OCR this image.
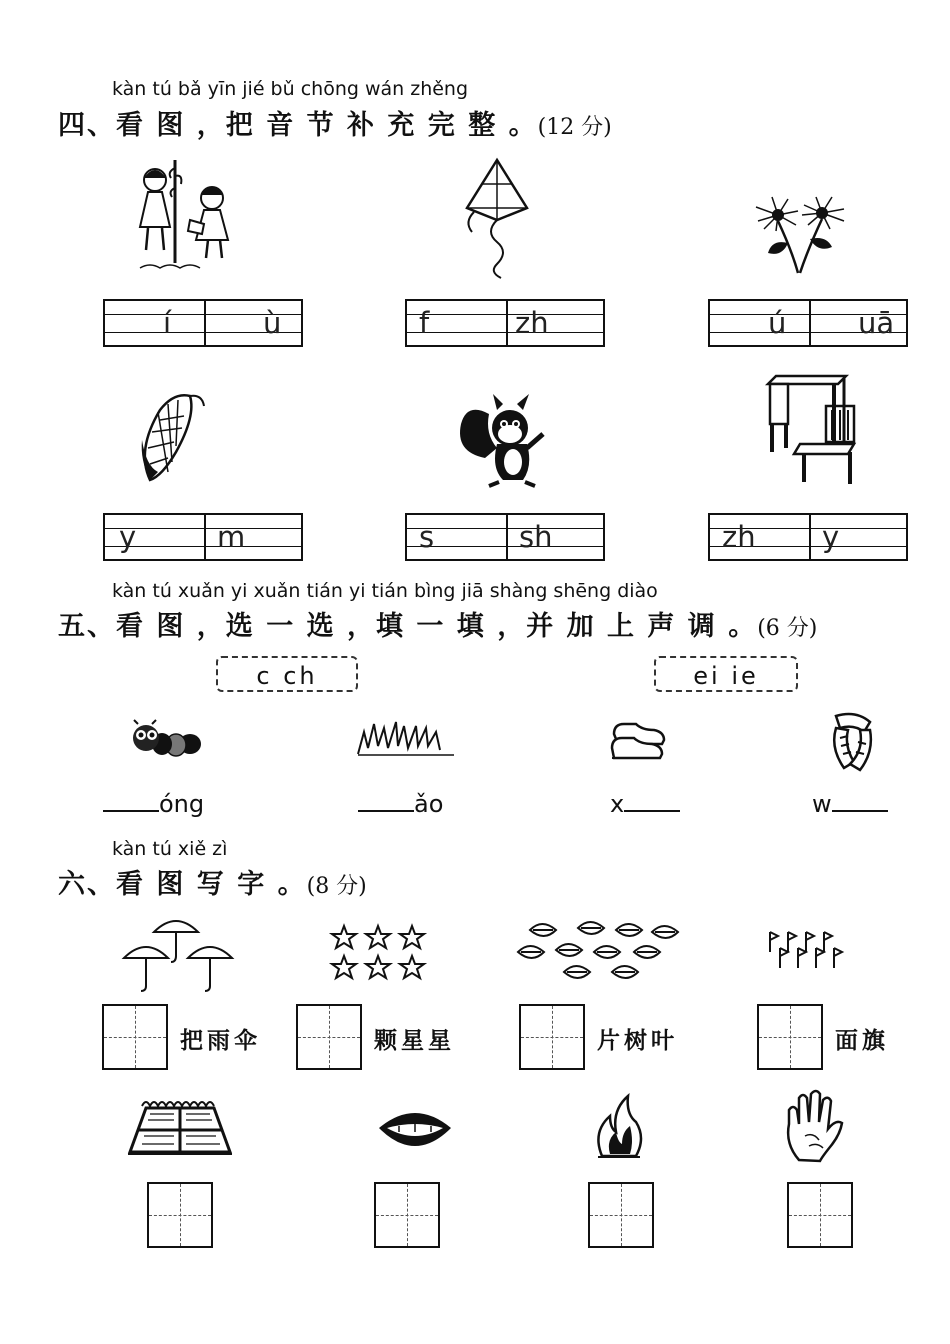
kàn tú bǎ yīn jié bǔ chōng wán zhěng
四、看 图 ，把 音 节 补 充 完 整 。(12 分)
í	ù	f	zh	ú	uā
y	m	s	sh	zh	y
kàn tú xuǎn yi xuǎn tián yi tián bìng jiā shàng shēng diào
五、看 图 ，选 一 选 ，填 一 填 ，并 加 上 声 调 。(6 分)
c ch	ei ie
óng	ǎo	x	w
kàn tú xiě zì
六、看 图 写 字 。(8 分)
把雨伞	颗星星	片树叶	面旗
